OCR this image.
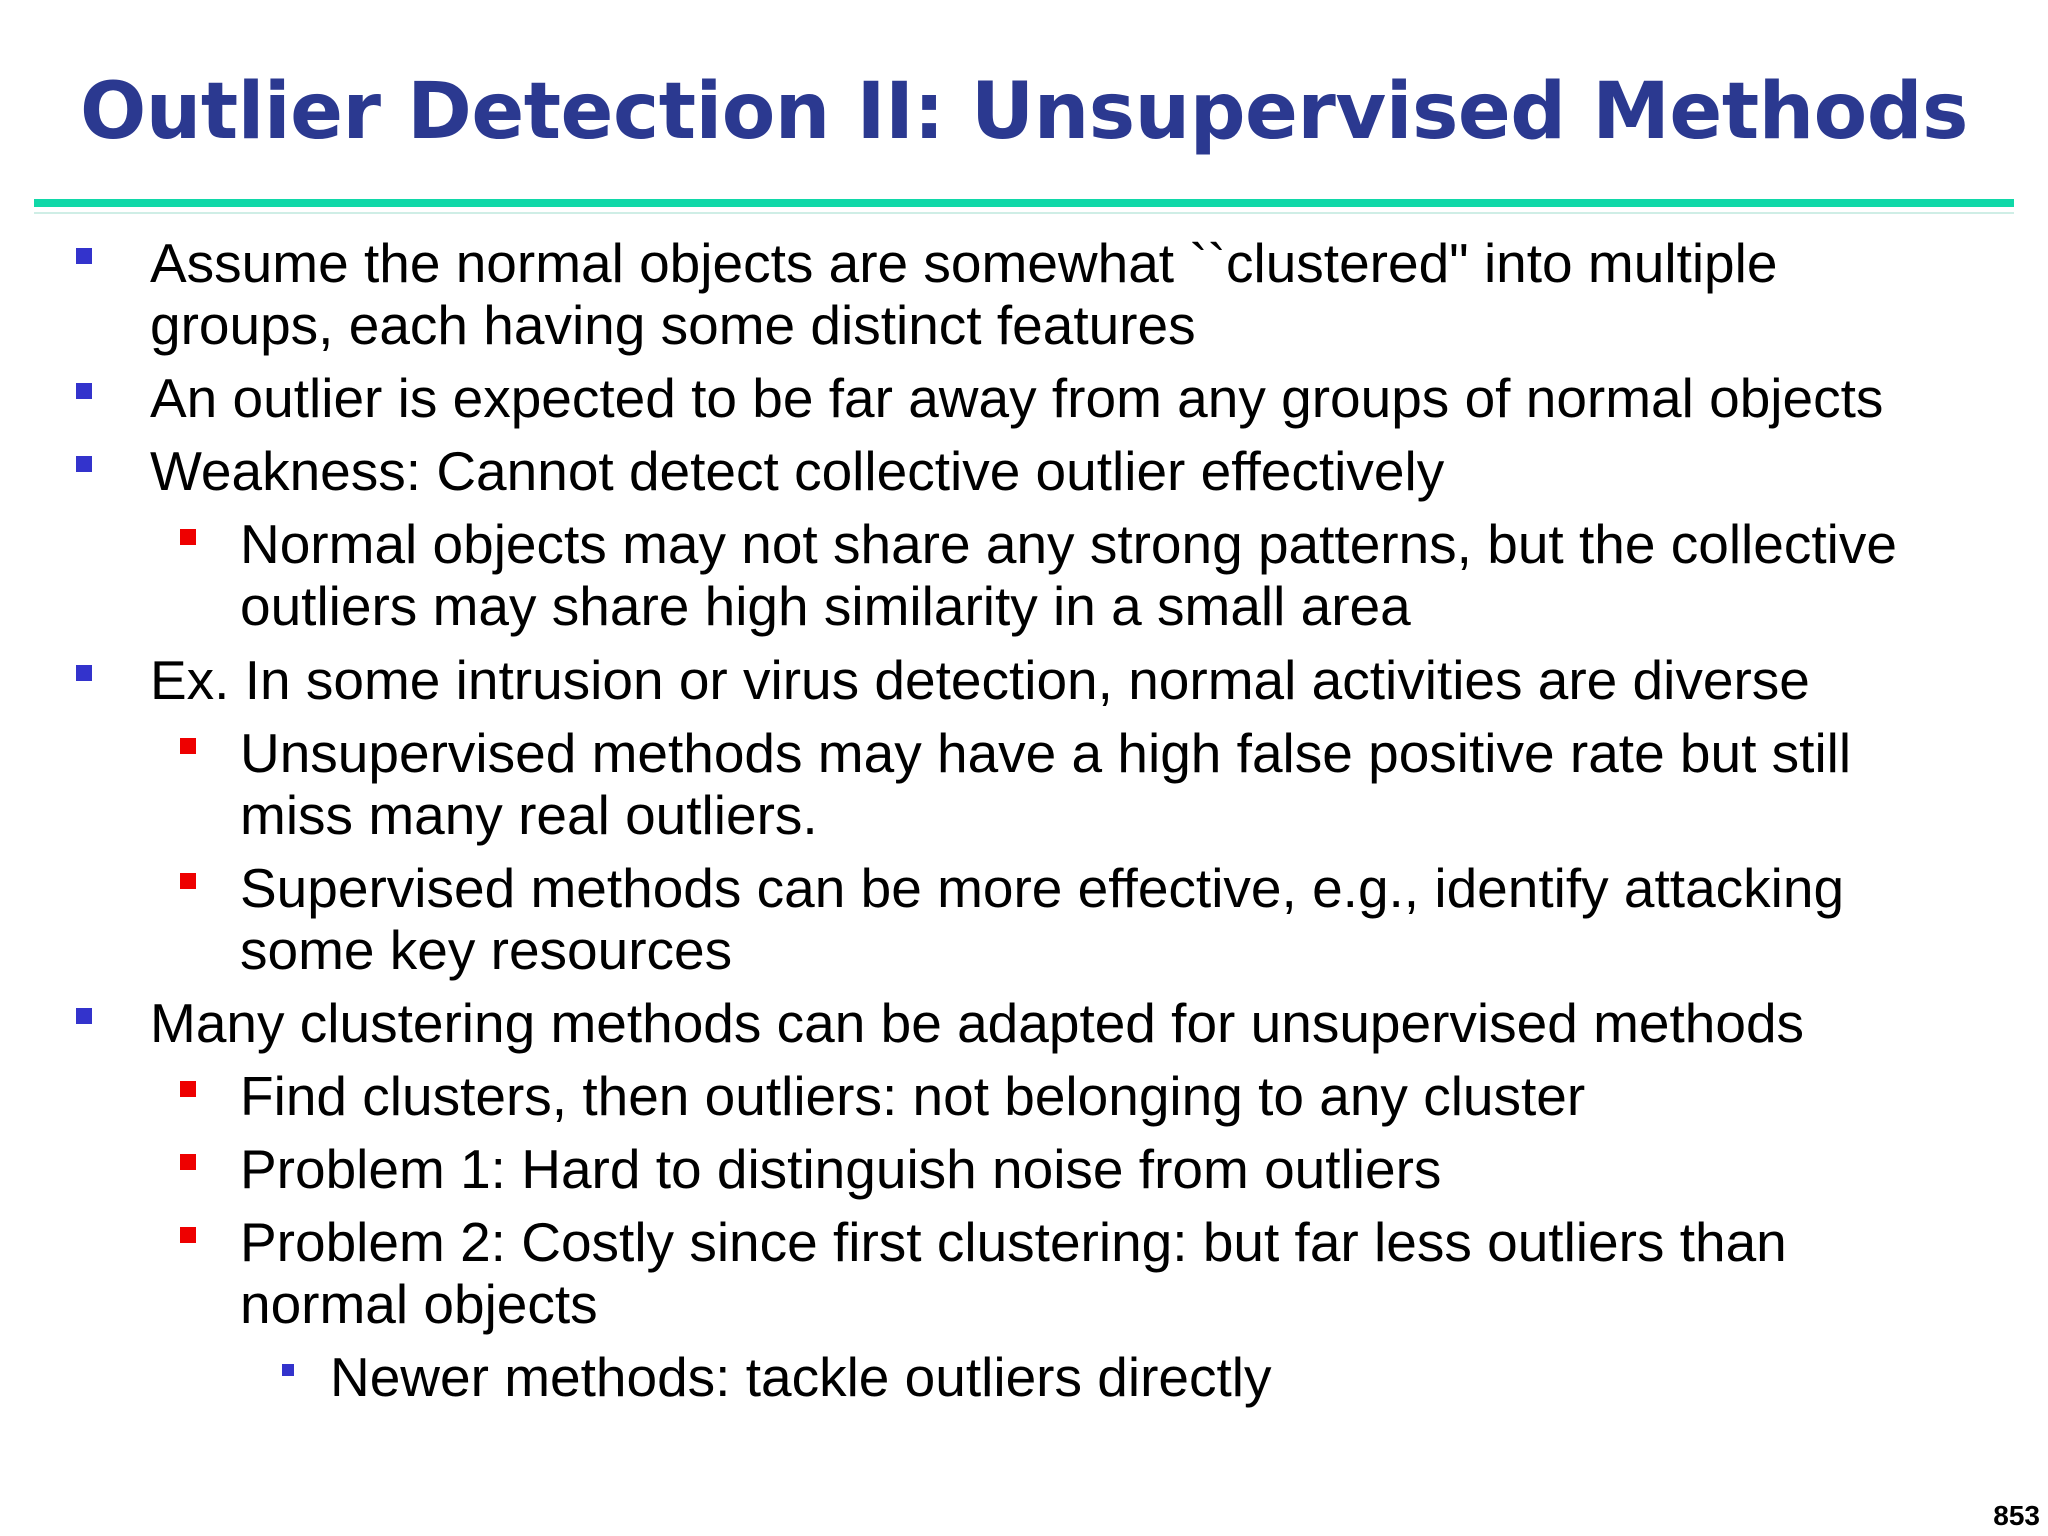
Outlier Detection II: Unsupervised Methods
Assume the normal objects are somewhat ``clustered" into multiple
groups, each having some distinct features
An outlier is expected to be far away from any groups of normal objects
Weakness: Cannot detect collective outlier effectively
Normal objects may not share any strong patterns, but the collective
outliers may share high similarity in a small area
Ex. In some intrusion or virus detection, normal activities are diverse
Unsupervised methods may have a high false positive rate but still
miss many real outliers.
Supervised methods can be more effective, e.g., identify attacking
some key resources
Many clustering methods can be adapted for unsupervised methods
Find clusters, then outliers: not belonging to any cluster
Problem 1: Hard to distinguish noise from outliers
Problem 2: Costly since first clustering: but far less outliers than
normal objects
Newer methods: tackle outliers directly
853
